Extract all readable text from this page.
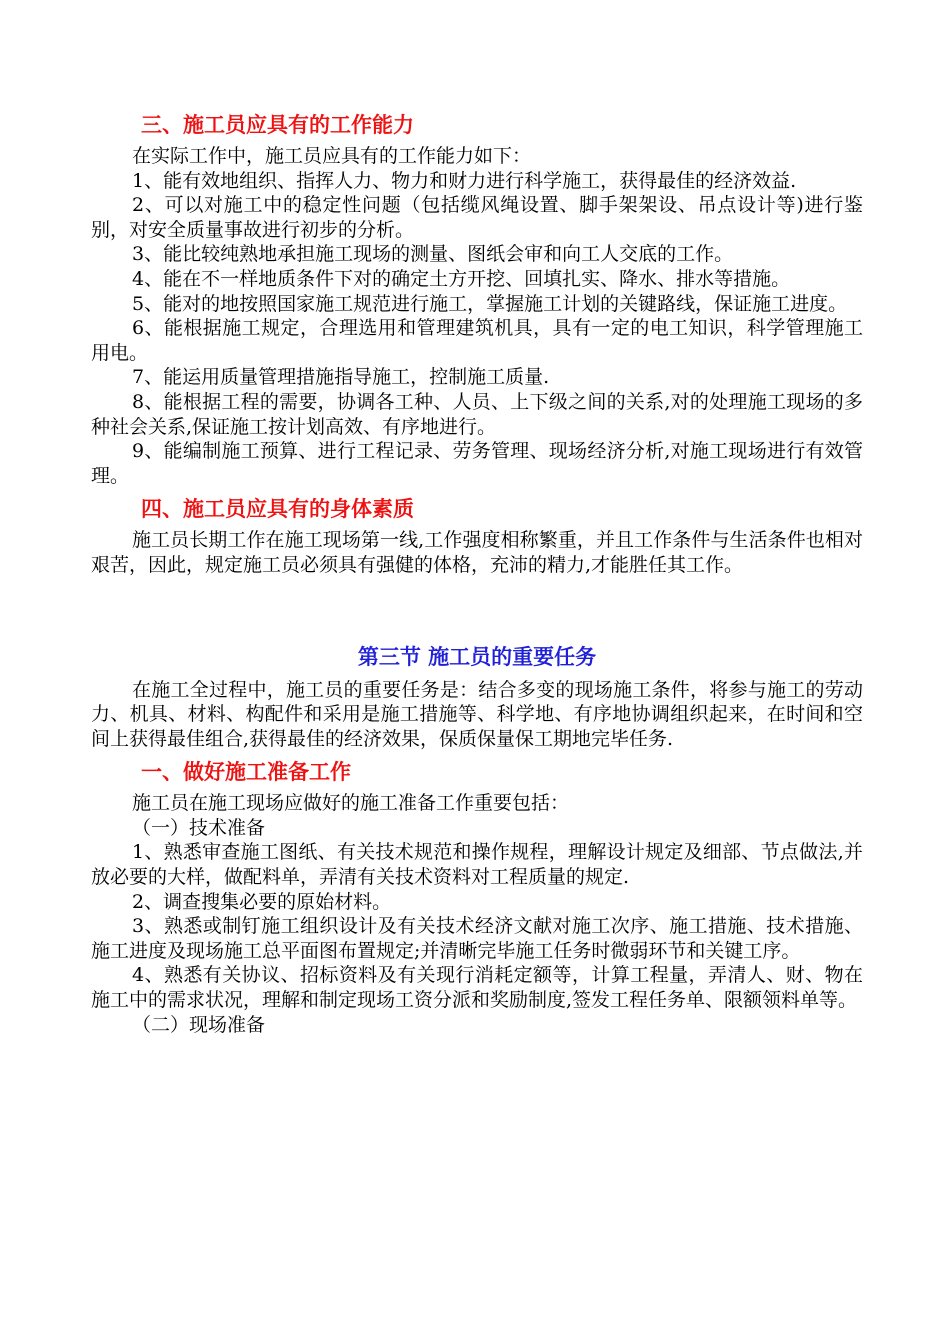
三、施工员应具有的工作能力

在实际工作中，施工员应具有的工作能力如下：

1、能有效地组织、指挥人力、物力和财力进行科学施工，获得最佳的经济效益.

2、可以对施工中的稳定性问题（包括缆风绳设置、脚手架架设、吊点设计等)进行鉴别，对安全质量事故进行初步的分析。

3、能比较纯熟地承担施工现场的测量、图纸会审和向工人交底的工作。

4、能在不一样地质条件下对的确定土方开挖、回填扎实、降水、排水等措施。

5、能对的地按照国家施工规范进行施工，掌握施工计划的关键路线，保证施工进度。

6、能根据施工规定，合理选用和管理建筑机具，具有一定的电工知识，科学管理施工用电。

7、能运用质量管理措施指导施工，控制施工质量.

8、能根据工程的需要，协调各工种、人员、上下级之间的关系,对的处理施工现场的多种社会关系,保证施工按计划高效、有序地进行。

9、能编制施工预算、进行工程记录、劳务管理、现场经济分析,对施工现场进行有效管理。

四、施工员应具有的身体素质

施工员长期工作在施工现场第一线,工作强度相称繁重，并且工作条件与生活条件也相对艰苦，因此，规定施工员必须具有强健的体格，充沛的精力,才能胜任其工作。

第三节 施工员的重要任务

在施工全过程中，施工员的重要任务是：结合多变的现场施工条件，将参与施工的劳动力、机具、材料、构配件和采用是施工措施等、科学地、有序地协调组织起来，在时间和空间上获得最佳组合,获得最佳的经济效果，保质保量保工期地完毕任务.

一、做好施工准备工作

施工员在施工现场应做好的施工准备工作重要包括：

（一）技术准备

1、熟悉审查施工图纸、有关技术规范和操作规程，理解设计规定及细部、节点做法,并放必要的大样，做配料单，弄清有关技术资料对工程质量的规定.

2、调查搜集必要的原始材料。

3、熟悉或制钉施工组织设计及有关技术经济文献对施工次序、施工措施、技术措施、施工进度及现场施工总平面图布置规定;并清晰完毕施工任务时微弱环节和关键工序。

4、熟悉有关协议、招标资料及有关现行消耗定额等，计算工程量，弄清人、财、物在施工中的需求状况，理解和制定现场工资分派和奖励制度,签发工程任务单、限额领料单等。

（二）现场准备
